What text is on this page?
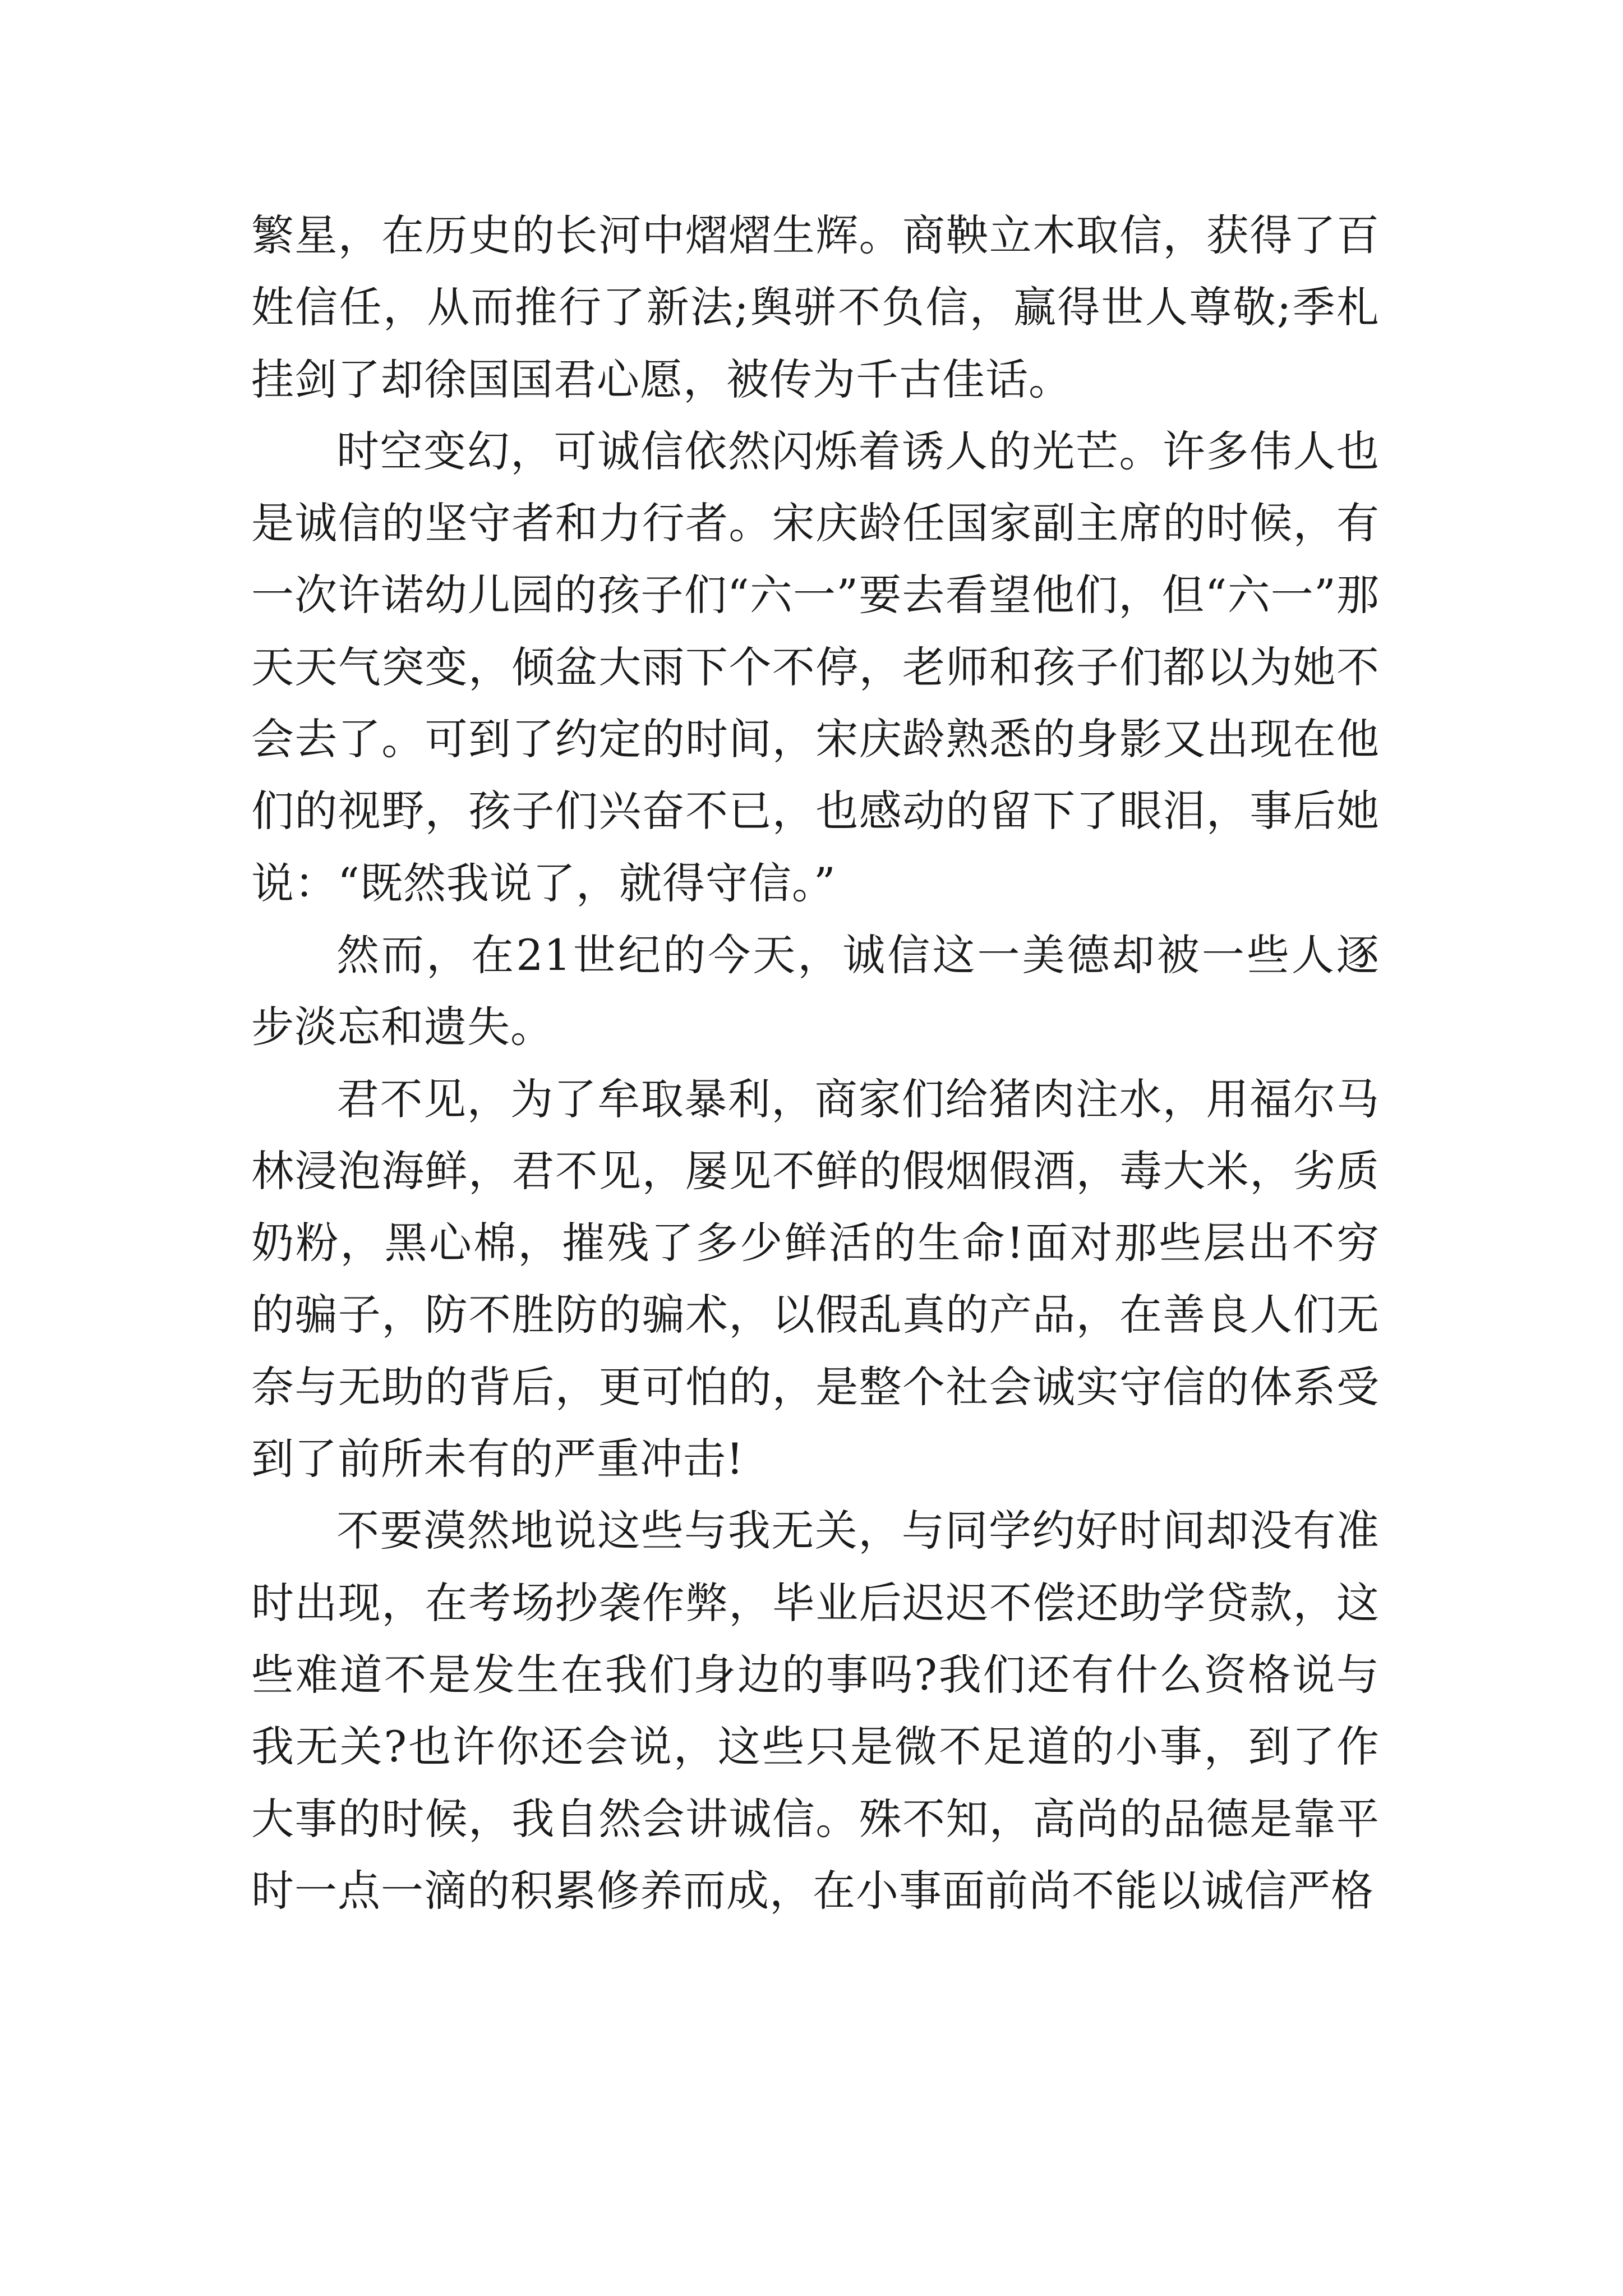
繁星，在历史的长河中熠熠生辉。商鞅立木取信，获得了百姓信任，从而推行了新法;舆骈不负信，赢得世人尊敬;季札挂剑了却徐国国君心愿，被传为千古佳话。

时空变幻，可诚信依然闪烁着诱人的光芒。许多伟人也是诚信的坚守者和力行者。宋庆龄任国家副主席的时候，有一次许诺幼儿园的孩子们“六一”要去看望他们，但“六一”那天天气突变，倾盆大雨下个不停，老师和孩子们都以为她不会去了。可到了约定的时间，宋庆龄熟悉的身影又出现在他们的视野，孩子们兴奋不已，也感动的留下了眼泪，事后她说：“既然我说了，就得守信。”

然而，在21世纪的今天，诚信这一美德却被一些人逐步淡忘和遗失。

君不见，为了牟取暴利，商家们给猪肉注水，用福尔马林浸泡海鲜，君不见，屡见不鲜的假烟假酒，毒大米，劣质奶粉，黑心棉，摧残了多少鲜活的生命!面对那些层出不穷的骗子，防不胜防的骗术，以假乱真的产品，在善良人们无奈与无助的背后，更可怕的，是整个社会诚实守信的体系受到了前所未有的严重冲击!

不要漠然地说这些与我无关，与同学约好时间却没有准时出现，在考场抄袭作弊，毕业后迟迟不偿还助学贷款，这些难道不是发生在我们身边的事吗?我们还有什么资格说与我无关?也许你还会说，这些只是微不足道的小事，到了作大事的时候，我自然会讲诚信。殊不知，高尚的品德是靠平时一点一滴的积累修养而成，在小事面前尚不能以诚信严格
